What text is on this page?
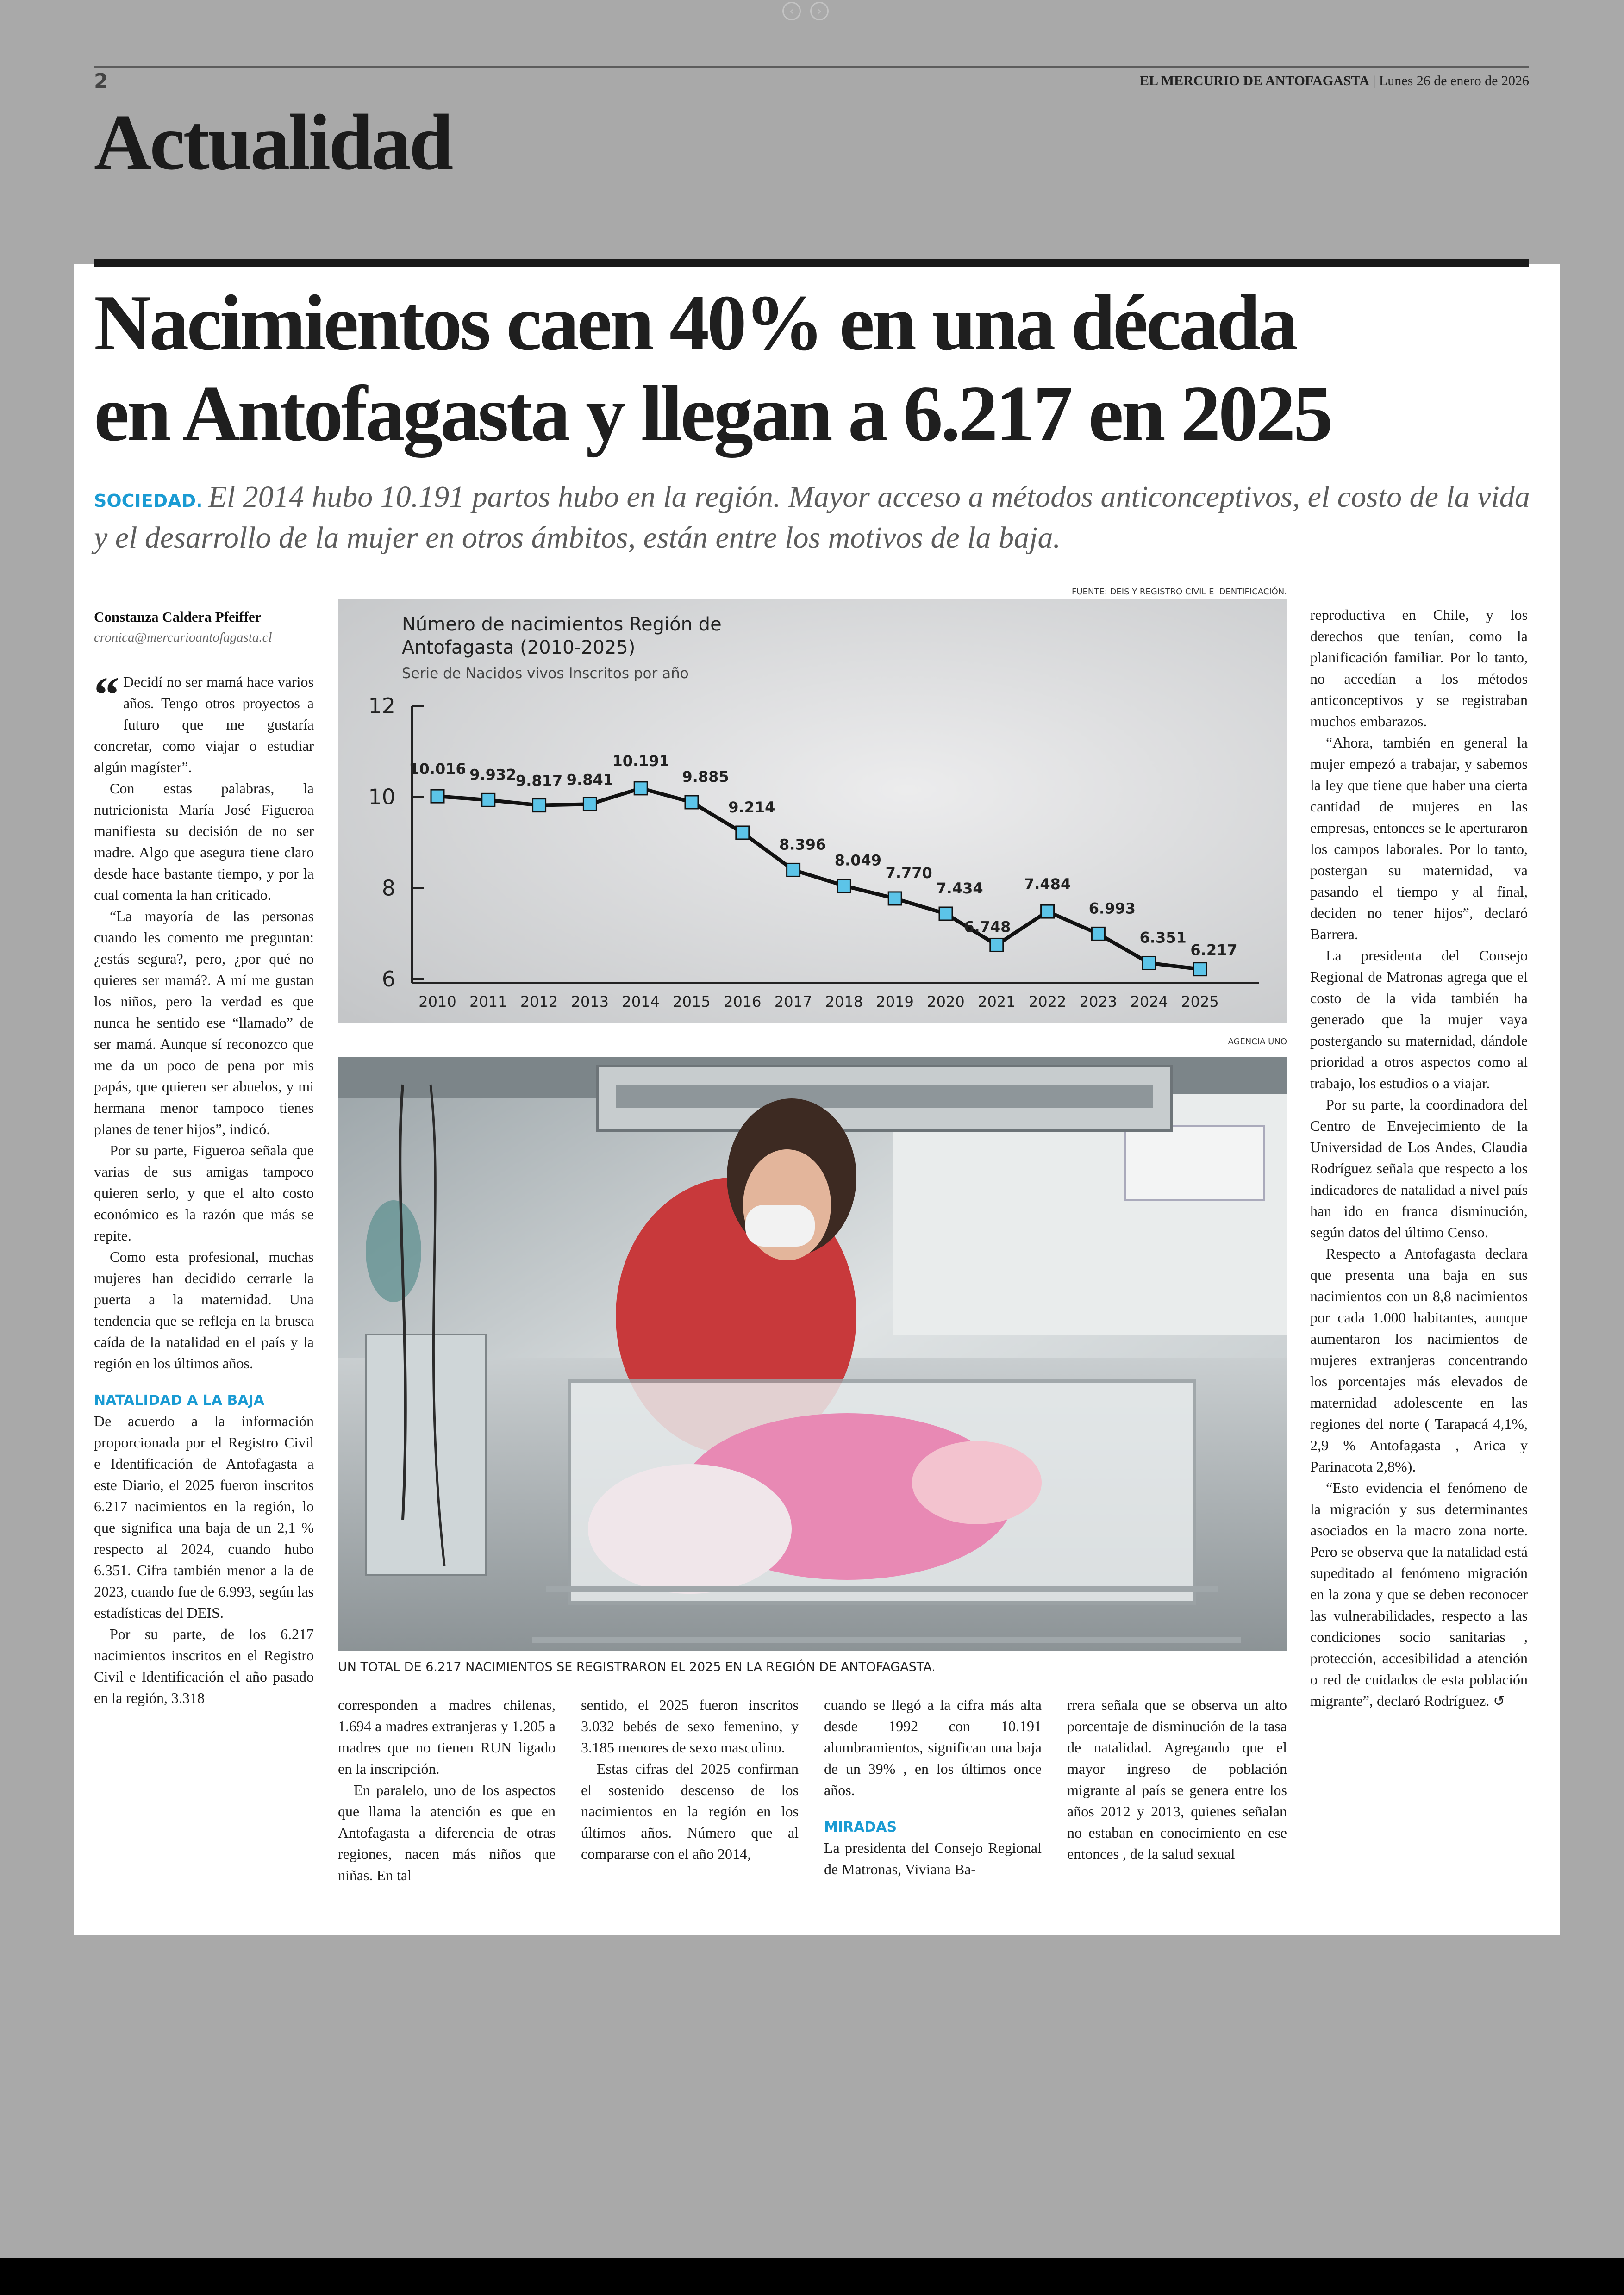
‹	›
2	EL MERCURIO DE ANTOFAGASTA | Lunes 26 de enero de 2026
Actualidad
Nacimientos caen 40% en una década
en Antofagasta y llegan a 6.217 en 2025
SOCIEDAD. El 2014 hubo 10.191 partos hubo en la región. Mayor acceso a métodos anticonceptivos, el costo de la vida y el desarrollo de la mujer en otros ámbitos, están entre los motivos de la baja.
Constanza Caldera Pfeiffer
cronica@mercurioantofagasta.cl
FUENTE: DEIS Y REGISTRO CIVIL E IDENTIFICACIÓN.
Número de nacimientos Región de
Antofagasta (2010-2025)
Serie de Nacidos vivos Inscritos por año
12
10
8
6
2010 2011 2012 2013 2014 2015 2016 2017 2018 2019 2020 2021 2022 2023 2024 2025
10.016 9.932
9.817 9.841
10.191
9.885
9.214
8.396
8.049
7.770
7.434
6.748
7.484
6.993
6.351
6.217
AGENCIA UNO
UN TOTAL DE 6.217 NACIMIENTOS SE REGISTRARON EL 2025 EN LA REGIÓN DE ANTOFAGASTA.

“ Decidí no ser mamá hace varios años. Tengo otros proyectos a futuro que me gustaría concretar, como viajar o estudiar algún magíster”.

Con estas palabras, la nutricionista María José Figueroa manifiesta su decisión de no ser madre. Algo que asegura tiene claro desde hace bastante tiempo, y por la cual comenta la han criticado.

“La mayoría de las personas cuando les comento me preguntan: ¿estás segura?, pero, ¿por qué no quieres ser mamá?. A mí me gustan los niños, pero la verdad es que nunca he sentido ese “llamado” de ser mamá. Aunque sí reconozco que me da un poco de pena por mis papás, que quieren ser abuelos, y mi hermana menor tampoco tienes planes de tener hijos”, indicó.

Por su parte, Figueroa señala que varias de sus amigas tampoco quieren serlo, y que el alto costo económico es la razón que más se repite.

Como esta profesional, muchas mujeres han decidido cerrarle la puerta a la maternidad. Una tendencia que se refleja en la brusca caída de la natalidad en el país y la región en los últimos años.

NATALIDAD A LA BAJA

De acuerdo a la información proporcionada por el Registro Civil e Identificación de Antofagasta a este Diario, el 2025 fueron inscritos 6.217 nacimientos en la región, lo que significa una baja de un 2,1 % respecto al 2024, cuando hubo 6.351. Cifra también menor a la de 2023, cuando fue de 6.993, según las estadísticas del DEIS.

Por su parte, de los 6.217 nacimientos inscritos en el Registro Civil e Identificación el año pasado en la región, 3.318	corresponden a madres chilenas, 1.694 a madres extranjeras y 1.205 a madres que no tienen RUN ligado en la inscripción.

En paralelo, uno de los aspectos que llama la atención es que en Antofagasta a diferencia de otras regiones, nacen más niños que niñas. En tal

sentido, el 2025 fueron inscritos 3.032 bebés de sexo femenino, y 3.185 menores de sexo masculino.

Estas cifras del 2025 confirman el sostenido descenso de los nacimientos en la región en los últimos años. Número que al compararse con el año 2014,

cuando se llegó a la cifra más alta desde 1992 con 10.191 alumbramientos, significan una baja de un 39% , en los últimos once años.

MIRADAS

La presidenta del Consejo Regional de Matronas, Viviana Ba-

rrera señala que se observa un alto porcentaje de disminución de la tasa de natalidad. Agregando que el mayor ingreso de población migrante al país se genera entre los años 2012 y 2013, quienes señalan no estaban en conocimiento en ese entonces , de la salud sexual

reproductiva en Chile, y los derechos que tenían, como la planificación familiar. Por lo tanto, no accedían a los métodos anticonceptivos y se registraban muchos embarazos.

“Ahora, también en general la mujer empezó a trabajar, y sabemos la ley que tiene que haber una cierta cantidad de mujeres en las empresas, entonces se le aperturaron los campos laborales. Por lo tanto, postergan su maternidad, va pasando el tiempo y al final, deciden no tener hijos”, declaró Barrera.

La presidenta del Consejo Regional de Matronas agrega que el costo de la vida también ha generado que la mujer vaya postergando su maternidad, dándole prioridad a otros aspectos como al trabajo, los estudios o a viajar.

Por su parte, la coordinadora del Centro de Envejecimiento de la Universidad de Los Andes, Claudia Rodríguez señala que respecto a los indicadores de natalidad a nivel país han ido en franca disminución, según datos del último Censo.

Respecto a Antofagasta declara que presenta una baja en sus nacimientos con un 8,8 nacimientos por cada 1.000 habitantes, aunque aumentaron los nacimientos de mujeres extranjeras concentrando los porcentajes más elevados de maternidad adolescente en las regiones del norte ( Tarapacá 4,1%, 2,9 % Antofagasta , Arica y Parinacota 2,8%).

“Esto evidencia el fenómeno de la migración y sus determinantes asociados en la macro zona norte. Pero se observa que la natalidad está supeditado al fenómeno migración en la zona y que se deben reconocer las vulnerabilidades, respecto a las condiciones socio sanitarias , protección, accesibilidad a atención o red de cuidados de esta población migrante”, declaró Rodríguez. ↺
